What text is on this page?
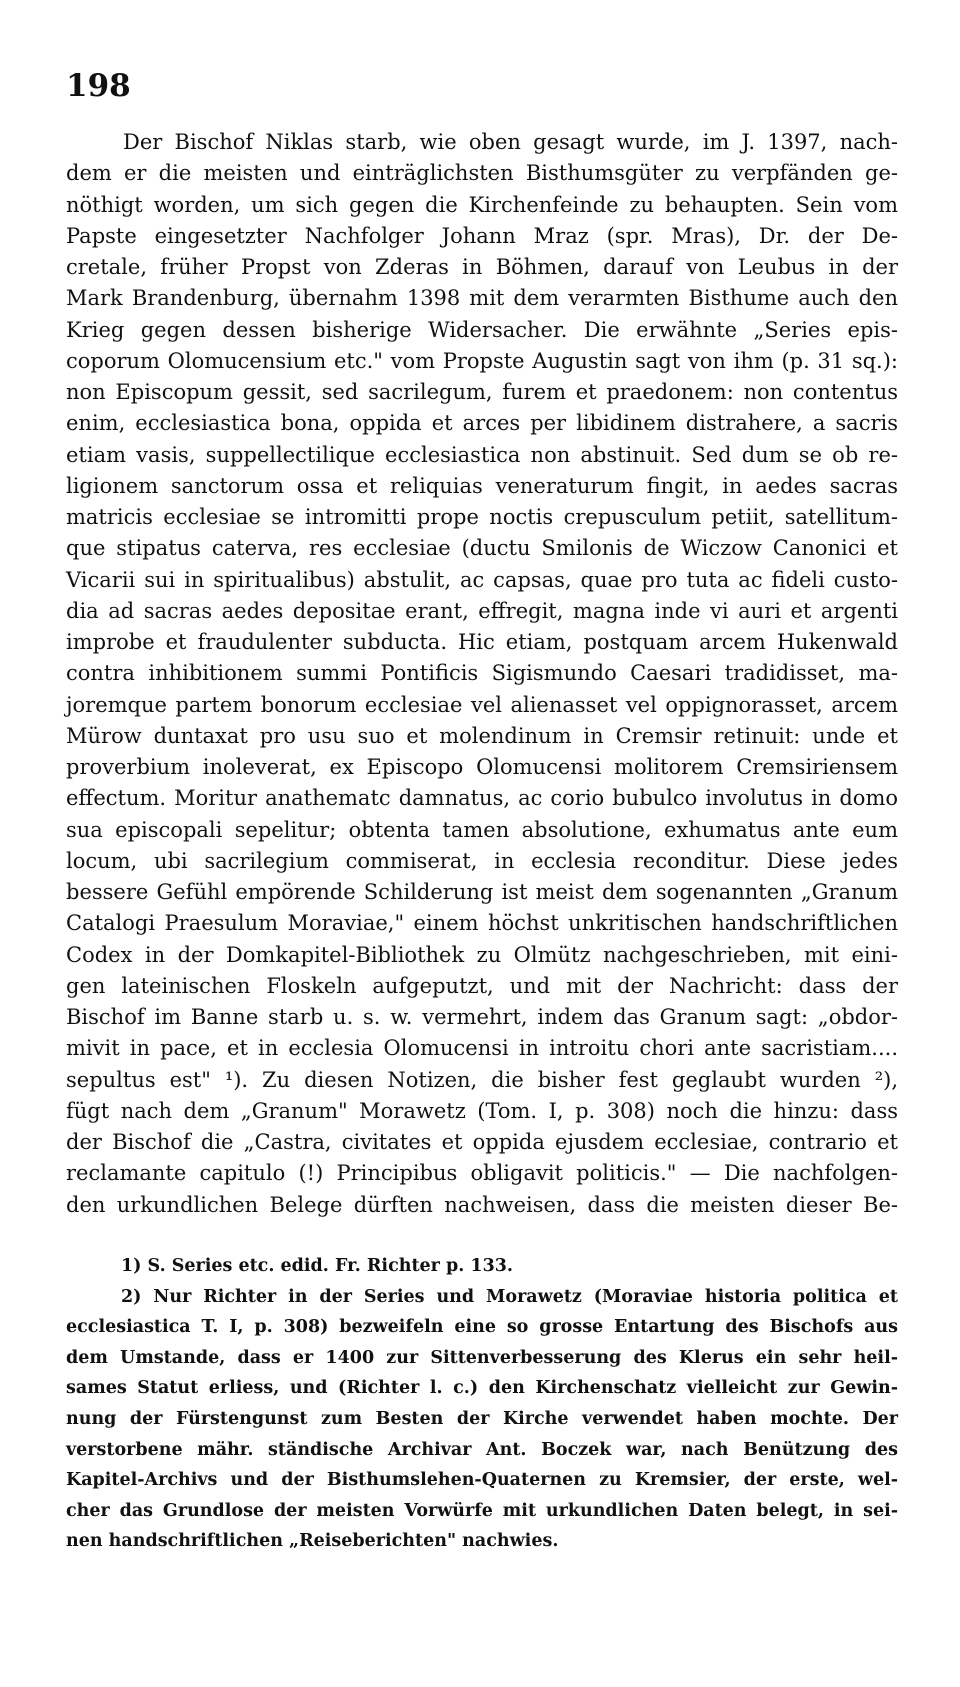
198
Der Bischof Niklas starb, wie oben gesagt wurde, im J. 1397, nach-
dem er die meisten und einträglichsten Bisthumsgüter zu verpfänden ge-
nöthigt worden, um sich gegen die Kirchenfeinde zu behaupten. Sein vom
Papste eingesetzter Nachfolger Johann Mraz (spr. Mras), Dr. der De-
cretale, früher Propst von Zderas in Böhmen, darauf von Leubus in der
Mark Brandenburg, übernahm 1398 mit dem verarmten Bisthume auch den
Krieg gegen dessen bisherige Widersacher. Die erwähnte „Series epis-
coporum Olomucensium etc." vom Propste Augustin sagt von ihm (p. 31 sq.):
non Episcopum gessit, sed sacrilegum, furem et praedonem: non contentus
enim, ecclesiastica bona, oppida et arces per libidinem distrahere, a sacris
etiam vasis, suppellectilique ecclesiastica non abstinuit. Sed dum se ob re-
ligionem sanctorum ossa et reliquias veneraturum fingit, in aedes sacras
matricis ecclesiae se intromitti prope noctis crepusculum petiit, satellitum-
que stipatus caterva, res ecclesiae (ductu Smilonis de Wiczow Canonici et
Vicarii sui in spiritualibus) abstulit, ac capsas, quae pro tuta ac fideli custo-
dia ad sacras aedes depositae erant, effregit, magna inde vi auri et argenti
improbe et fraudulenter subducta. Hic etiam, postquam arcem Hukenwald
contra inhibitionem summi Pontificis Sigismundo Caesari tradidisset, ma-
joremque partem bonorum ecclesiae vel alienasset vel oppignorasset, arcem
Mürow duntaxat pro usu suo et molendinum in Cremsir retinuit: unde et
proverbium inoleverat, ex Episcopo Olomucensi molitorem Cremsiriensem
effectum. Moritur anathematc damnatus, ac corio bubulco involutus in domo
sua episcopali sepelitur; obtenta tamen absolutione, exhumatus ante eum
locum, ubi sacrilegium commiserat, in ecclesia reconditur. Diese jedes
bessere Gefühl empörende Schilderung ist meist dem sogenannten „Granum
Catalogi Praesulum Moraviae," einem höchst unkritischen handschriftlichen
Codex in der Domkapitel-Bibliothek zu Olmütz nachgeschrieben, mit eini-
gen lateinischen Floskeln aufgeputzt, und mit der Nachricht: dass der
Bischof im Banne starb u. s. w. vermehrt, indem das Granum sagt: „obdor-
mivit in pace, et in ecclesia Olomucensi in introitu chori ante sacristiam....
sepultus est" ¹). Zu diesen Notizen, die bisher fest geglaubt wurden ²),
fügt nach dem „Granum" Morawetz (Tom. I, p. 308) noch die hinzu: dass
der Bischof die „Castra, civitates et oppida ejusdem ecclesiae, contrario et
reclamante capitulo (!) Principibus obligavit politicis." — Die nachfolgen-
den urkundlichen Belege dürften nachweisen, dass die meisten dieser Be-
1) S. Series etc. edid. Fr. Richter p. 133.
2) Nur Richter in der Series und Morawetz (Moraviae historia politica et
ecclesiastica T. I, p. 308) bezweifeln eine so grosse Entartung des Bischofs aus
dem Umstande, dass er 1400 zur Sittenverbesserung des Klerus ein sehr heil-
sames Statut erliess, und (Richter l. c.) den Kirchenschatz vielleicht zur Gewin-
nung der Fürstengunst zum Besten der Kirche verwendet haben mochte. Der
verstorbene mähr. ständische Archivar Ant. Boczek war, nach Benützung des
Kapitel-Archivs und der Bisthumslehen-Quaternen zu Kremsier, der erste, wel-
cher das Grundlose der meisten Vorwürfe mit urkundlichen Daten belegt, in sei-
nen handschriftlichen „Reiseberichten" nachwies.
